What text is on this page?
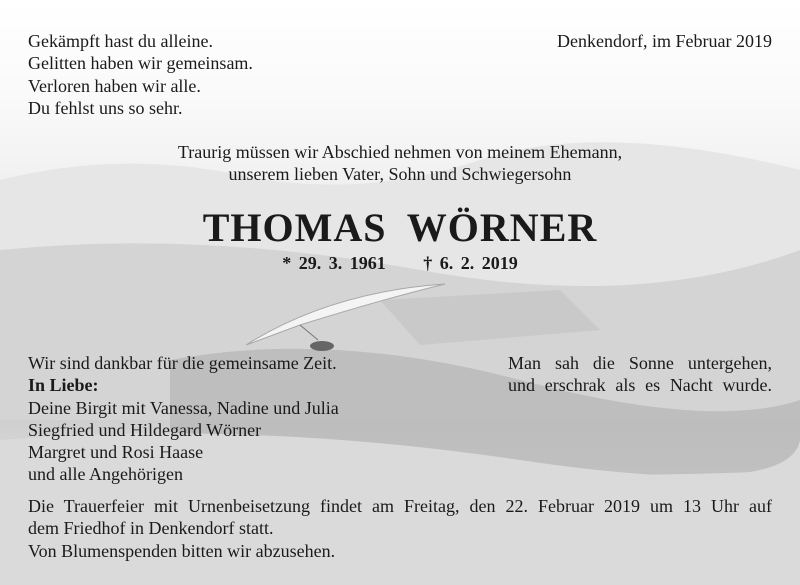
Gekämpft hast du alleine.
Gelitten haben wir gemeinsam.
Verloren haben wir alle.
Du fehlst uns so sehr.
Denkendorf, im Februar 2019
Traurig müssen wir Abschied nehmen von meinem Ehemann,
unserem lieben Vater, Sohn und Schwiegersohn
THOMAS WÖRNER
* 29. 3. 1961 † 6. 2. 2019
Wir sind dankbar für die gemeinsame Zeit.
In Liebe:
Deine Birgit mit Vanessa, Nadine und Julia
Siegfried und Hildegard Wörner
Margret und Rosi Haase
und alle Angehörigen
Man sah die Sonne untergehen,
und erschrak als es Nacht wurde.
Die Trauerfeier mit Urnenbeisetzung findet am Freitag, den 22. Februar 2019 um 13 Uhr auf
dem Friedhof in Denkendorf statt.
Von Blumenspenden bitten wir abzusehen.
